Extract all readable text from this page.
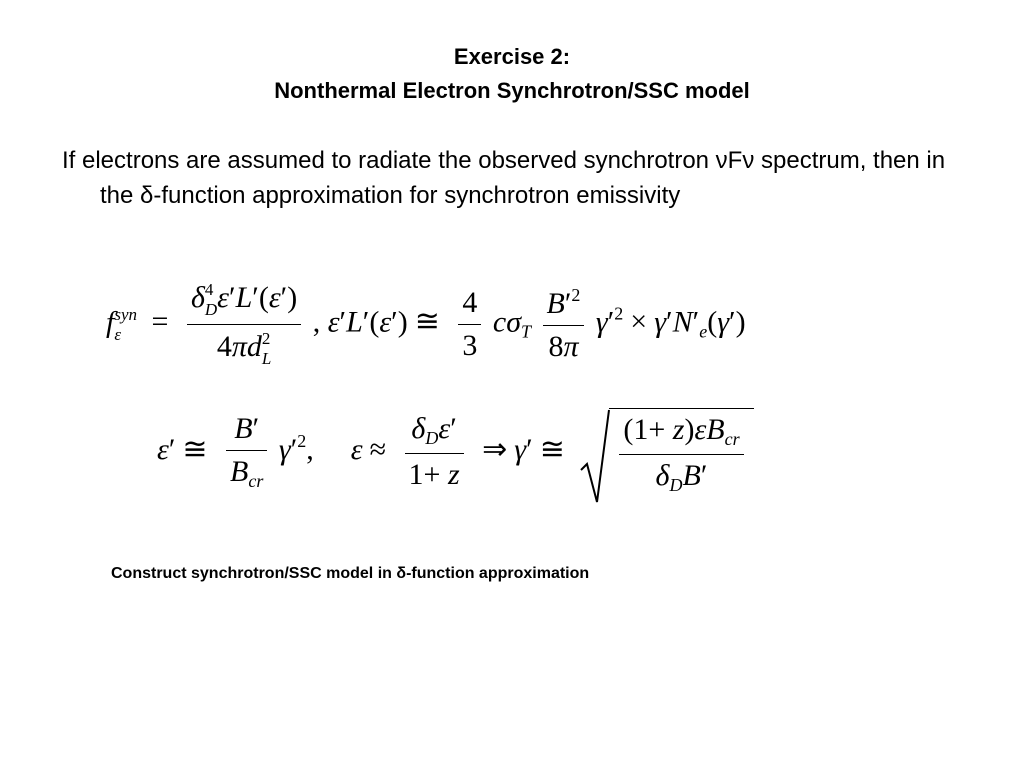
Exercise 2:
Nonthermal Electron Synchrotron/SSC model
If electrons are assumed to radiate the observed synchrotron νFν spectrum, then in the δ-function approximation for synchrotron emissivity
f syn
ε	= δ 4
D ε′L′(ε′)
4πd 2
L , ε′L′(ε′) ≅ $\frac{4}{3} c\sigma_T \frac{B'^2}{8\pi} \gamma'^2 \times \gamma'N'_e(\gamma')$
ε′ ≅ $\frac{B'}{B_{cr}} \gamma'^2$,  $\varepsilon \approx \frac{\delta_D\varepsilon'}{1+ z}$ ⇒ γ′ ≅ $\frac{(1+ z)\varepsilon B_{cr}}{\delta_DB'}$
Construct synchrotron/SSC model in δ-function approximation
